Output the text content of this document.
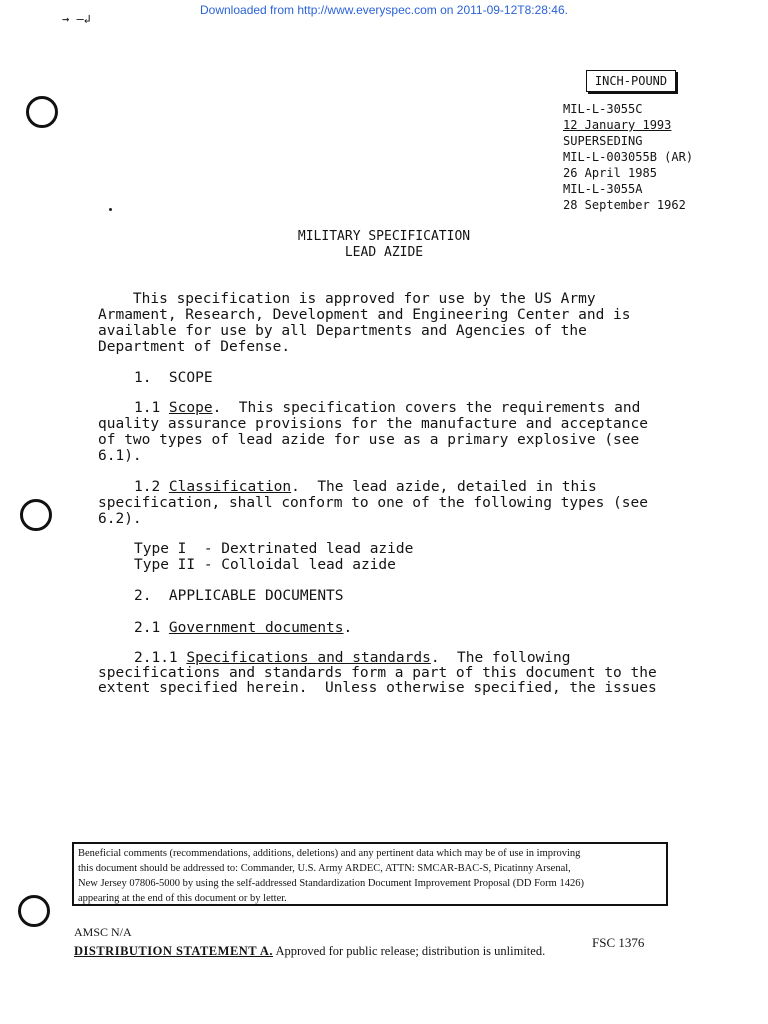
Downloaded from http://www.everyspec.com on 2011-09-12T8:28:46.
→ —↲
INCH-POUND
MIL-L-3055C
12 January 1993
SUPERSEDING
MIL-L-003055B (AR)
26 April 1985
MIL-L-3055A
28 September 1962
MILITARY SPECIFICATION
LEAD AZIDE
This specification is approved for use by the US Army
Armament, Research, Development and Engineering Center and is
available for use by all Departments and Agencies of the
Department of Defense.
1.  SCOPE
1.1 Scope.  This specification covers the requirements and
quality assurance provisions for the manufacture and acceptance
of two types of lead azide for use as a primary explosive (see
6.1).
1.2 Classification.  The lead azide, detailed in this
specification, shall conform to one of the following types (see
6.2).
Type I  - Dextrinated lead azide
Type II - Colloidal lead azide
2.  APPLICABLE DOCUMENTS
2.1 Government documents.
2.1.1 Specifications and standards.  The following
specifications and standards form a part of this document to the
extent specified herein.  Unless otherwise specified, the issues
Beneficial comments (recommendations, additions, deletions) and any pertinent data which may be of use in improving
this document should be addressed to: Commander, U.S. Army ARDEC, ATTN: SMCAR-BAC-S, Picatinny Arsenal,
New Jersey 07806-5000 by using the self-addressed Standardization Document Improvement Proposal (DD Form 1426)
appearing at the end of this document or by letter.
AMSC N/A
FSC 1376
DISTRIBUTION STATEMENT A. Approved for public release; distribution is unlimited.
